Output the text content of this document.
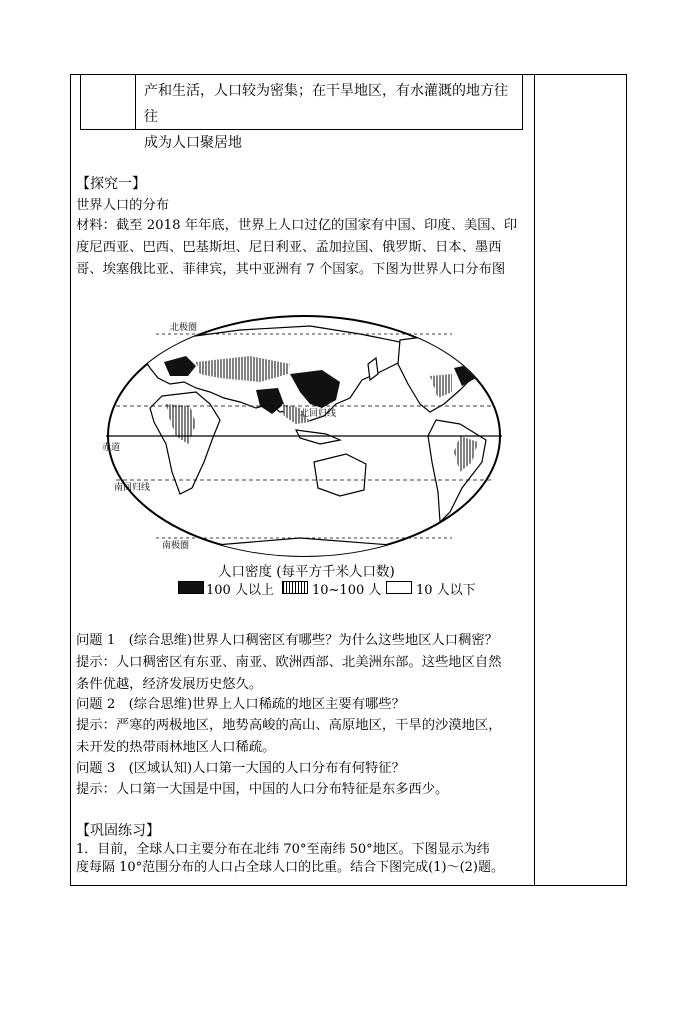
产和生活，人口较为密集；在干旱地区，有水灌溉的地方往往
成为人口聚居地
【探究一】
世界人口的分布
材料：截至 2018 年年底，世界上人口过亿的国家有中国、印度、美国、印
度尼西亚、巴西、巴基斯坦、尼日利亚、孟加拉国、俄罗斯、日本、墨西
哥、埃塞俄比亚、菲律宾，其中亚洲有 7 个国家。下图为世界人口分布图
北极圈
北回归线
赤道
南回归线
南极圈
人口密度 (每平方千米人口数)
100 人以上	10~100 人	10 人以下
问题 1　(综合思维)世界人口稠密区有哪些？为什么这些地区人口稠密？
提示：人口稠密区有东亚、南亚、欧洲西部、北美洲东部。这些地区自然
条件优越，经济发展历史悠久。
问题 2　(综合思维)世界上人口稀疏的地区主要有哪些？
提示：严寒的两极地区，地势高峻的高山、高原地区，干旱的沙漠地区，
未开发的热带雨林地区人口稀疏。
问题 3　(区域认知)人口第一大国的人口分布有何特征？
提示：人口第一大国是中国，中国的人口分布特征是东多西少。
【巩固练习】
1．目前，全球人口主要分布在北纬 70°至南纬 50°地区。下图显示为纬
度每隔 10°范围分布的人口占全球人口的比重。结合下图完成(1)～(2)题。
